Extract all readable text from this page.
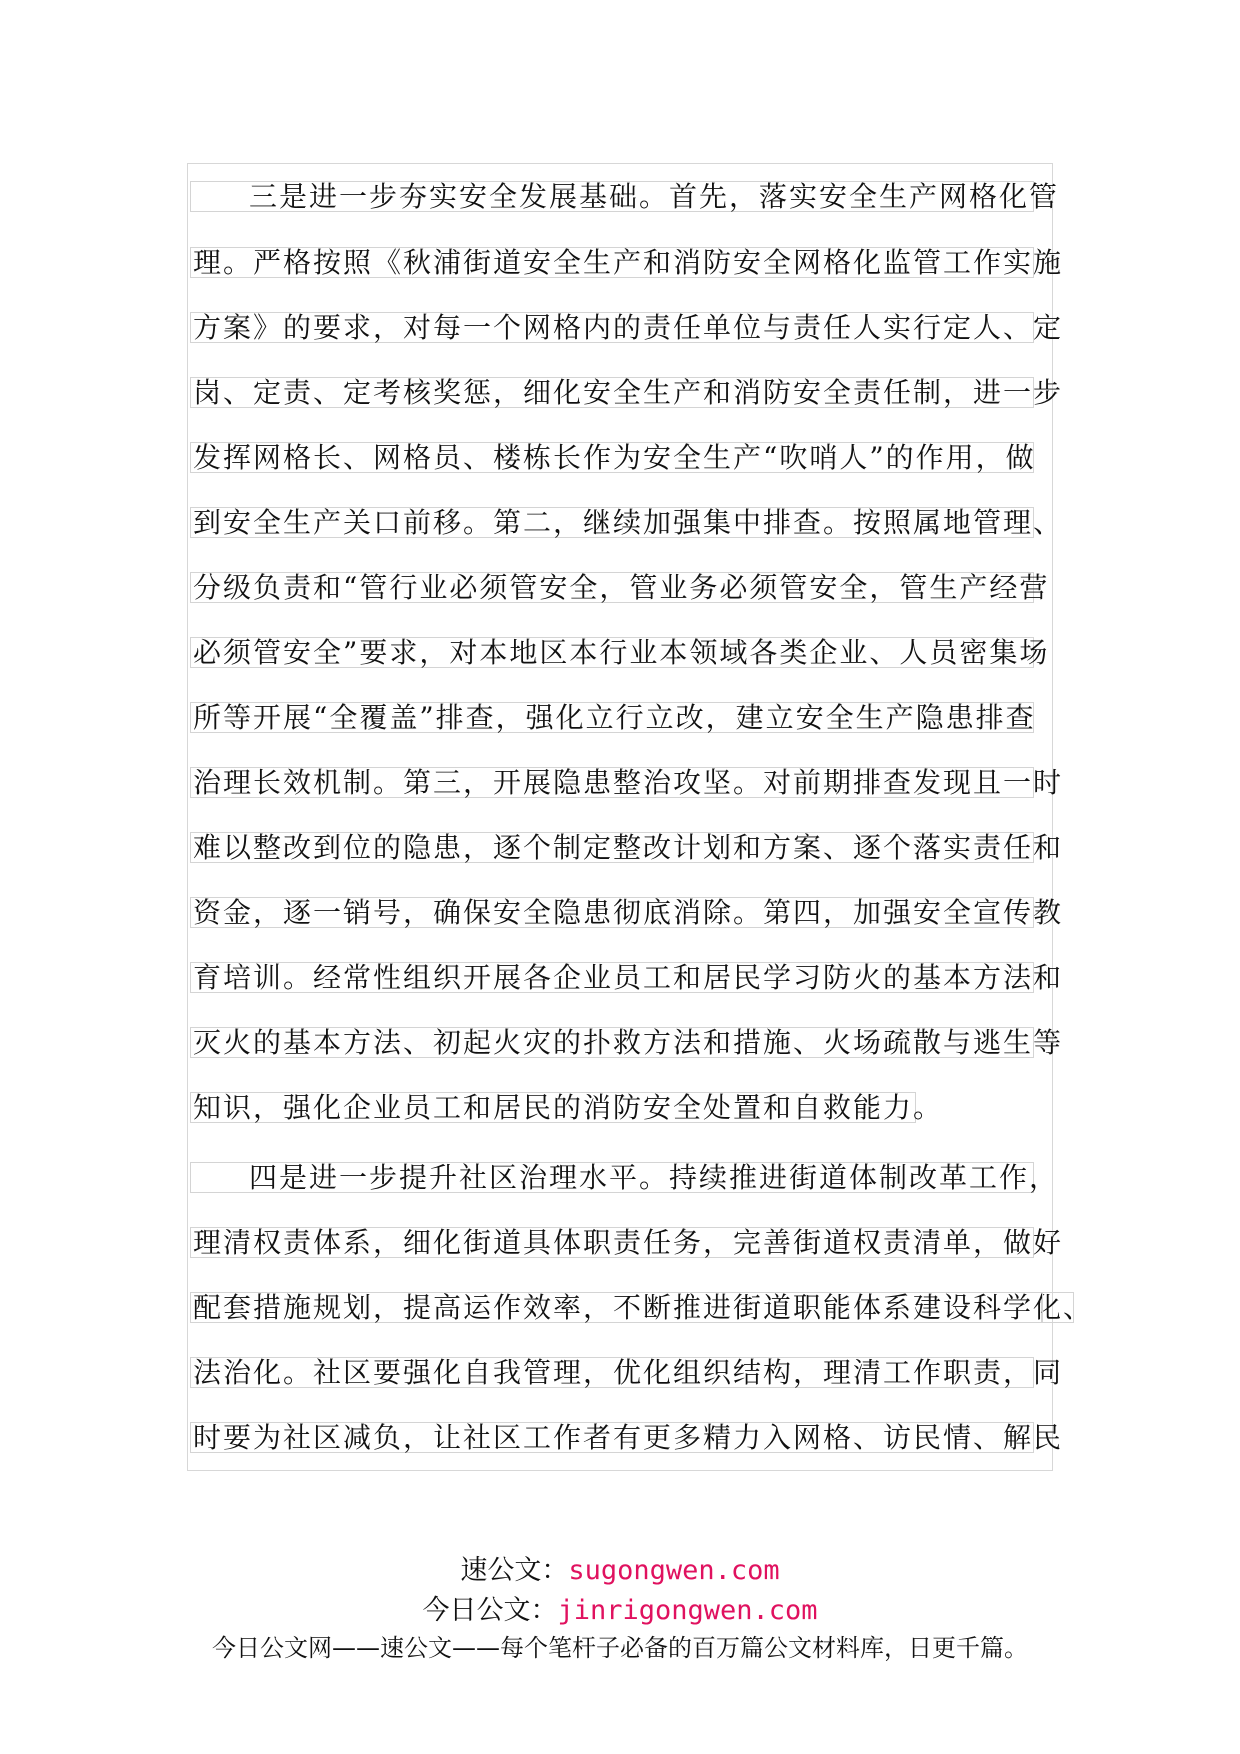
三是进一步夯实安全发展基础。首先，落实安全生产网格化管
理。严格按照《秋浦街道安全生产和消防安全网格化监管工作实施
方案》的要求，对每一个网格内的责任单位与责任人实行定人、定
岗、定责、定考核奖惩，细化安全生产和消防安全责任制，进一步
发挥网格长、网格员、楼栋长作为安全生产“吹哨人”的作用，做
到安全生产关口前移。第二，继续加强集中排查。按照属地管理、
分级负责和“管行业必须管安全，管业务必须管安全，管生产经营
必须管安全”要求，对本地区本行业本领域各类企业、人员密集场
所等开展“全覆盖”排查，强化立行立改，建立安全生产隐患排查
治理长效机制。第三，开展隐患整治攻坚。对前期排查发现且一时
难以整改到位的隐患，逐个制定整改计划和方案、逐个落实责任和
资金，逐一销号，确保安全隐患彻底消除。第四，加强安全宣传教
育培训。经常性组织开展各企业员工和居民学习防火的基本方法和
灭火的基本方法、初起火灾的扑救方法和措施、火场疏散与逃生等
知识，强化企业员工和居民的消防安全处置和自救能力。
四是进一步提升社区治理水平。持续推进街道体制改革工作，
理清权责体系，细化街道具体职责任务，完善街道权责清单，做好
配套措施规划，提高运作效率，不断推进街道职能体系建设科学化、
法治化。社区要强化自我管理，优化组织结构，理清工作职责，同
时要为社区减负，让社区工作者有更多精力入网格、访民情、解民
速公文：sugongwen.com
今日公文：jinrigongwen.com
今日公文网——速公文——每个笔杆子必备的百万篇公文材料库，日更千篇。
